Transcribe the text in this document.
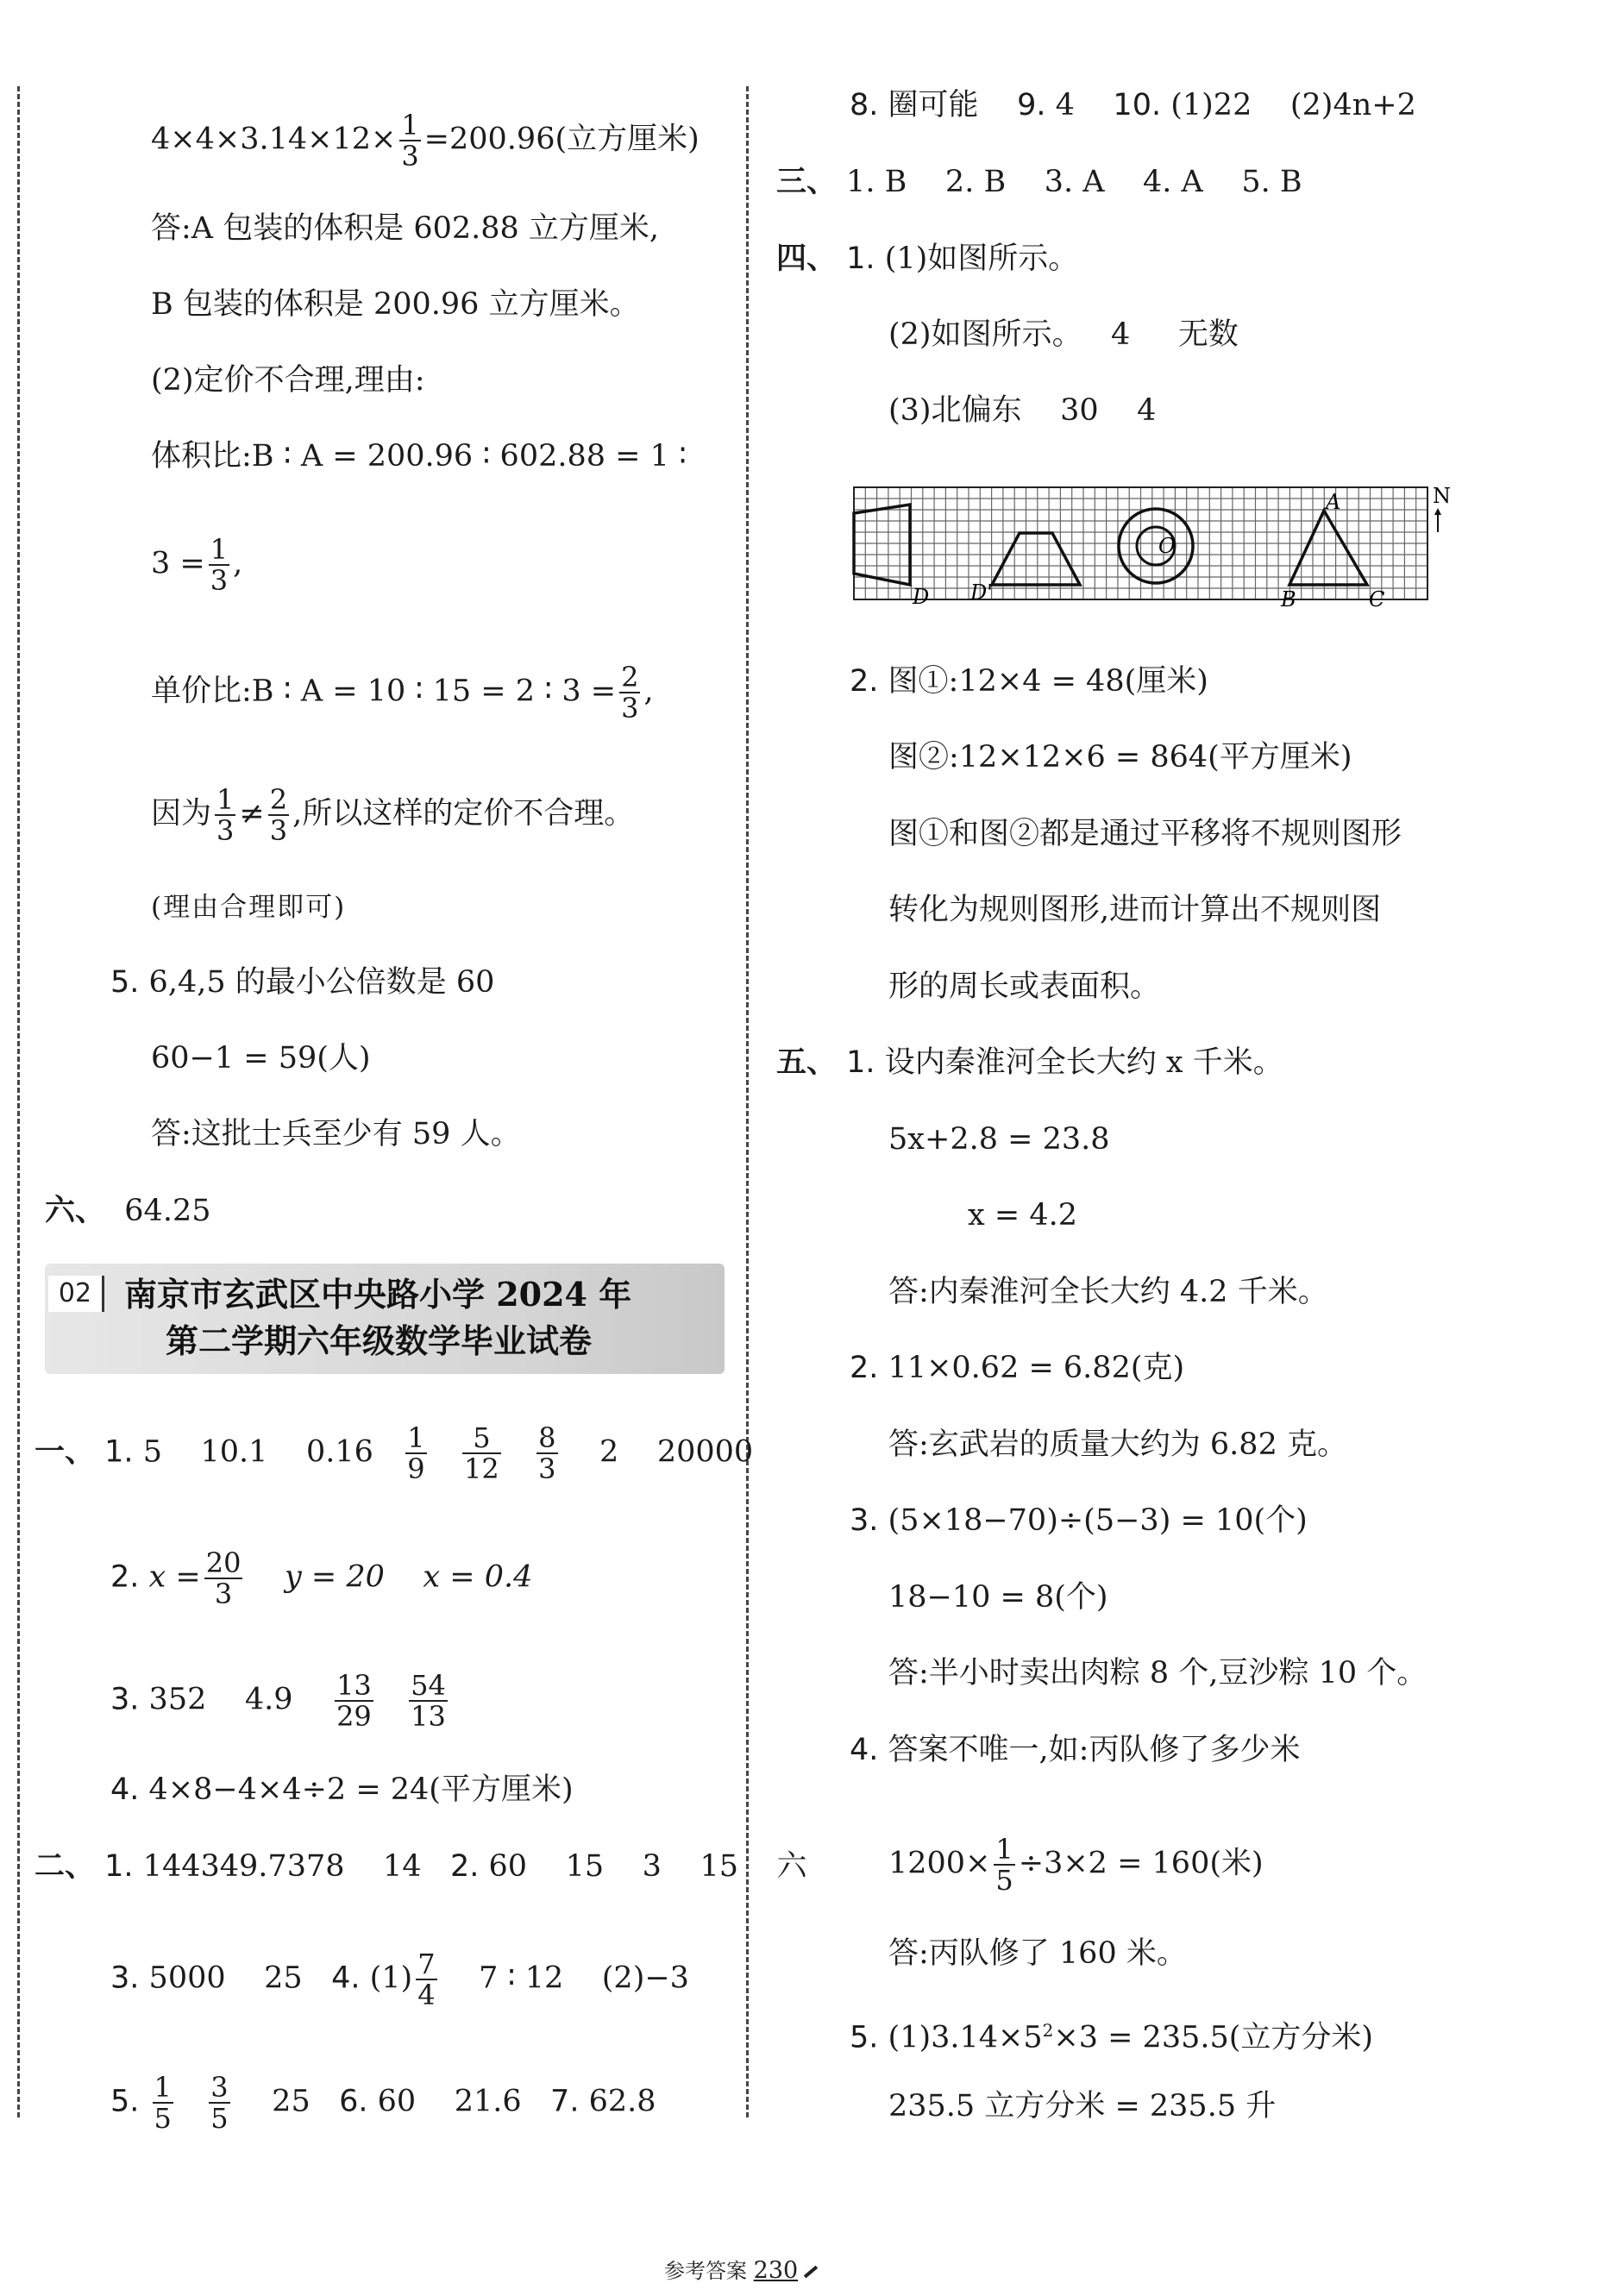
$4\times 4\times 3.14\times 12\times \frac{1}{3} =200.96$(立方厘米)
答:A 包装的体积是 602.88 立方厘米,
B 包装的体积是 200.96 立方厘米。
(2)定价不合理,理由:
体积比:B ∶ A = 200.96 ∶ 602.88 = 1 ∶
$3 = \frac{1}{3}$ ,
单价比:B ∶ A = 10 ∶ 15 = 2 ∶ $3 = \frac{2}{3}$ ,
因为 $\frac{1}{3} \ne \frac{2}{3}$ ,所以这样的定价不合理。
(理由合理即可)
5. 6,4,5 的最小公倍数是 60
60−1 = 59(人)
答:这批士兵至少有 59 人。
六、 64.25
02 南京市玄武区中央路小学 2024 年
第二学期六年级数学毕业试卷
一、 1. 5 10.1 $0.16 \frac{1}{9}$
$\frac{5}{12}$
$\frac{8}{3} 2$ 20000
2. $x = \frac{20}{3}$ y = 20 x = 0.4
3. 352 $4.9 \frac{13}{29}$
$\frac{54}{13}$
4. 4×8−4×4÷2 = 24(平方厘米)
二、 1. 144349.7378 14 2. 60 15 3 15 六
3. 5000 25 4. $(1) \frac{7}{4} 7$ ∶ 12 (2)−3
5. $\frac{1}{5}$
$\frac{3}{5} 25$ 6. 60 21.6 7. 62.8
8. 圈可能 9. 4 10. (1)22 (2)4n+2
三、 1. B 2. B 3. A 4. A 5. B
四、 1. (1)如图所示。
(2)如图所示。 4 无数
(3)北偏东 30 4
D D'
O
A
B	C
N
2. 图①:12×4 = 48(厘米)
图②:12×12×6 = 864(平方厘米)
图①和图②都是通过平移将不规则图形
转化为规则图形,进而计算出不规则图
形的周长或表面积。
五、 1. 设内秦淮河全长大约 x 千米。
5x+2.8 = 23.8
x = 4.2
答:内秦淮河全长大约 4.2 千米。
2. 11×0.62 = 6.82(克)
答:玄武岩的质量大约为 6.82 克。
3. (5×18−70)÷(5−3) = 10(个)
18−10 = 8(个)
答:半小时卖出肉粽 8 个,豆沙粽 10 个。
4. 答案不唯一,如:丙队修了多少米
$1200\times \frac{1}{5} \div 3\times 2 = 160$(米)
答:丙队修了 160 米。
5. $(1)3.14\times 5^2\times 3 = 235.5$(立方分米)
235.5 立方分米 = 235.5 升
参考答案 230
